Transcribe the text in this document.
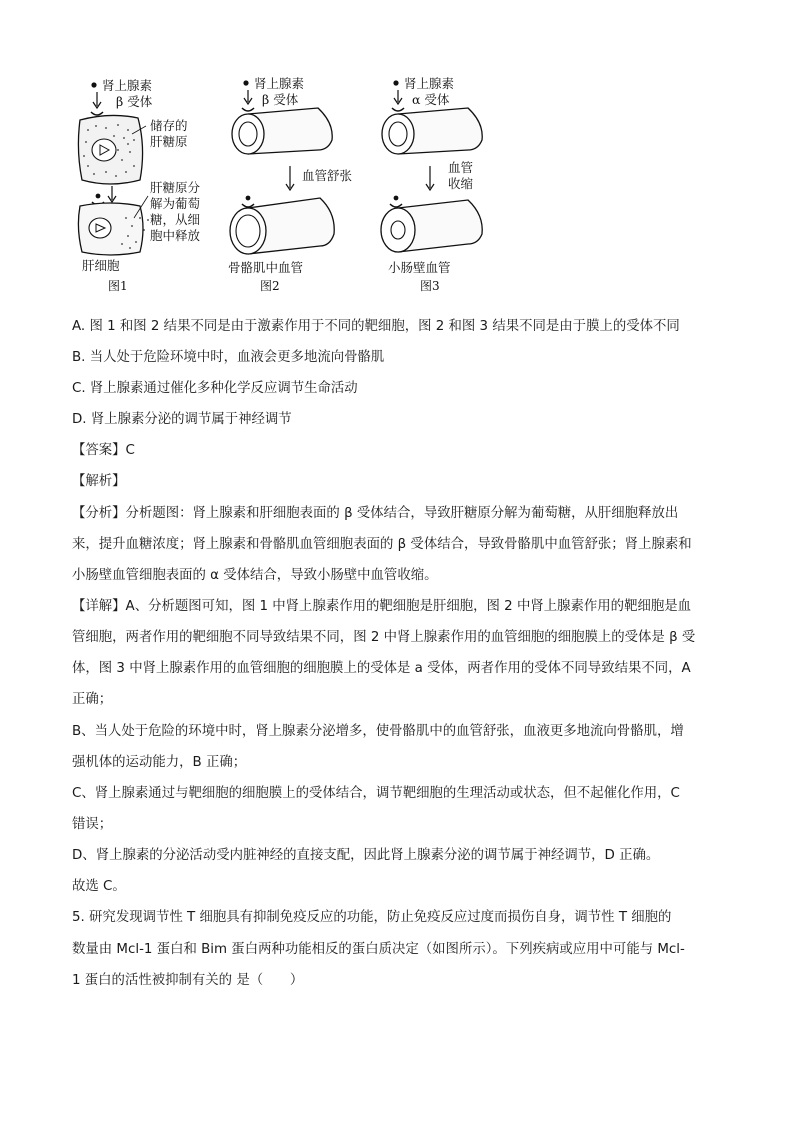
肾上腺素
β 受体
储存的
肝糖原
肝糖原分
解为葡萄
糖，从细
胞中释放
肝细胞
图1
肾上腺素
β 受体
血管舒张
骨骼肌中血管
图2
肾上腺素
α 受体
血管
收缩
小肠壁血管
图3
A. 图 1 和图 2 结果不同是由于激素作用于不同的靶细胞，图 2 和图 3 结果不同是由于膜上的受体不同
B. 当人处于危险环境中时，血液会更多地流向骨骼肌
C. 肾上腺素通过催化多种化学反应调节生命活动
D. 肾上腺素分泌的调节属于神经调节
【答案】C
【解析】
【分析】分析题图：肾上腺素和肝细胞表面的 β 受体结合，导致肝糖原分解为葡萄糖，从肝细胞释放出
来，提升血糖浓度；肾上腺素和骨骼肌血管细胞表面的 β 受体结合，导致骨骼肌中血管舒张；肾上腺素和
小肠壁血管细胞表面的 α 受体结合，导致小肠壁中血管收缩。
【详解】A、分析题图可知，图 1 中肾上腺素作用的靶细胞是肝细胞，图 2 中肾上腺素作用的靶细胞是血
管细胞，两者作用的靶细胞不同导致结果不同，图 2 中肾上腺素作用的血管细胞的细胞膜上的受体是 β 受
体，图 3 中肾上腺素作用的血管细胞的细胞膜上的受体是 a 受体，两者作用的受体不同导致结果不同，A
正确；
B、当人处于危险的环境中时，肾上腺素分泌增多，使骨骼肌中的血管舒张，血液更多地流向骨骼肌，增
强机体的运动能力，B 正确；
C、肾上腺素通过与靶细胞的细胞膜上的受体结合，调节靶细胞的生理活动或状态，但不起催化作用，C
错误；
D、肾上腺素的分泌活动受内脏神经的直接支配，因此肾上腺素分泌的调节属于神经调节，D 正确。
故选 C。
5. 研究发现调节性 T 细胞具有抑制免疫反应的功能，防止免疫反应过度而损伤自身，调节性 T 细胞的
数量由 Mcl-1 蛋白和 Bim 蛋白两种功能相反的蛋白质决定（如图所示）。下列疾病或应用中可能与 Mcl-
1 蛋白的活性被抑制有关的 是（　　）
